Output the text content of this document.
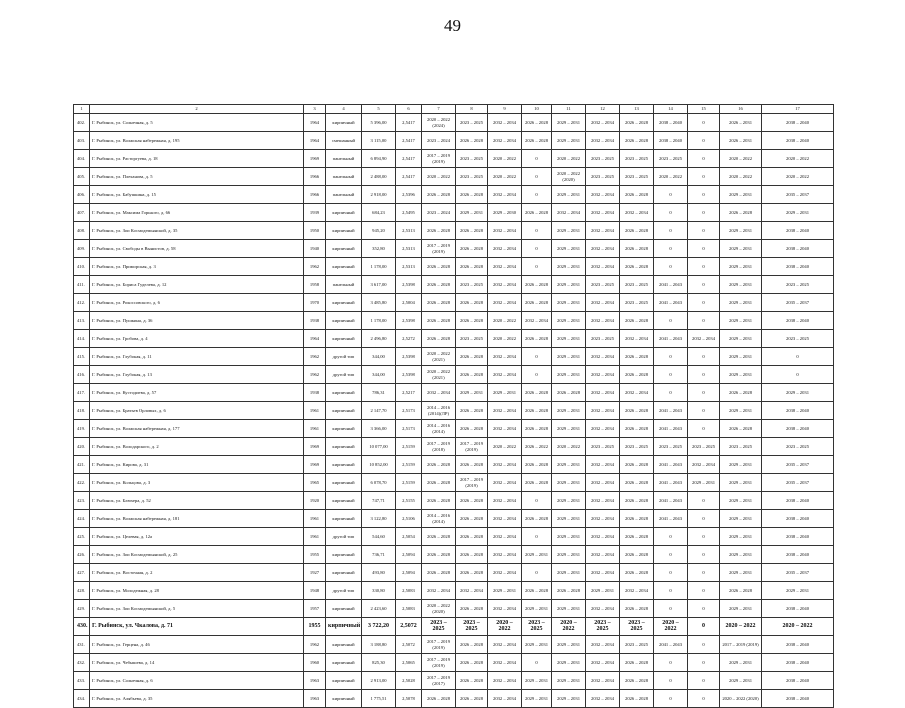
49
1	2	3	4	5	6	7	8	9	10	11	12	13	14	15	16	17
402.	Г. Рыбинск, ул. Солнечная, д. 5	1964	кирпичный	5 396,00	2,5417	2020 – 2022 (2024)	2023 – 2025	2032 – 2034	2026 – 2028	2029 – 2031	2032 – 2034	2026 – 2028	2038 – 2040	0	2026 – 2031	2038 – 2040
403.	Г. Рыбинск, ул. Волжская набережная, д. 195	1964	смешанный	3 115,00	2,5417	2023 – 2024	2026 – 2028	2032 – 2034	2026 – 2028	2029 – 2031	2032 – 2034	2026 – 2028	2038 – 2040	0	2026 – 2031	2038 – 2040
404.	Г. Рыбинск, ул. Расторгуева, д. 18	1969	панельный	6 894,90	2,5417	2017 – 2019 (2019)	2023 – 2025	2020 – 2022	0	2020 – 2022	2023 – 2025	2023 – 2025	2023 – 2025	0	2020 – 2022	2020 – 2022
405.	Г. Рыбинск, ул. Плеханова, д. 5	1966	панельный	2 488,00	2,5417	2020 – 2022	2023 – 2025	2020 – 2022	0	2020 – 2022 (2020)	2023 – 2025	2023 – 2025	2020 – 2022	0	2020 – 2022	2020 – 2022
406.	Г. Рыбинск, ул. Бабушкина, д. 15	1966	панельный	2 918,00	2,5396	2026 – 2028	2026 – 2028	2032 – 2034	0	2029 – 2031	2032 – 2034	2026 – 2028	0	0	2029 – 2031	2035 – 2037
407.	Г. Рыбинск, ул. Максима Горького, д. 66	1939	кирпичный	684,23	2,5495	2023 – 2024	2029 – 2031	2029 – 2030	2026 – 2028	2032 – 2034	2032 – 2034	2032 – 2034	0	0	2026 – 2028	2029 – 2031
408.	Г. Рыбинск, ул. Зои Космодемьянской, д. 35	1950	кирпичный	945,20	2,5313	2026 – 2028	2026 – 2028	2032 – 2034	0	2029 – 2031	2032 – 2034	2026 – 2028	0	0	2029 – 2031	2038 – 2040
409.	Г. Рыбинск, ул. Свободы в Вынистов, д. 58	1940	кирпичный	352,80	2,5313	2017 – 2019 (2019)	2026 – 2028	2032 – 2034	0	2029 – 2031	2032 – 2034	2026 – 2028	0	0	2029 – 2031	2038 – 2040
410.	Г. Рыбинск, ул. Приморская, д. 3	1962	кирпичный	1 178,00	2,5313	2026 – 2028	2026 – 2028	2032 – 2034	0	2029 – 2031	2032 – 2034	2026 – 2028	0	0	2029 – 2031	2038 – 2040
411.	Г. Рыбинск, ул. Бориса Гуделева, д. 12	1958	панельный	3 617,00	2,5398	2026 – 2028	2023 – 2025	2032 – 2034	2026 – 2028	2029 – 2031	2023 – 2025	2023 – 2025	2041 – 2043	0	2029 – 2031	2023 – 2025
412.	Г. Рыбинск, ул. Рокоссовского, д. 6	1970	кирпичный	3 485,80	2,5004	2026 – 2028	2026 – 2028	2032 – 2034	2026 – 2028	2029 – 2031	2032 – 2034	2023 – 2025	2041 – 2043	0	2029 – 2031	2035 – 2037
413.	Г. Рыбинск, ул. Пушкина, д. 36	1938	кирпичный	1 178,00	2,5398	2026 – 2028	2026 – 2028	2020 – 2022	2032 – 2034	2029 – 2031	2032 – 2034	2026 – 2028	0	0	2029 – 2031	2038 – 2040
414.	Г. Рыбинск, ул. Гробова, д. 4	1964	кирпичный	2 496,80	2,5272	2026 – 2028	2023 – 2025	2020 – 2022	2026 – 2028	2029 – 2031	2023 – 2025	2032 – 2034	2041 – 2043	2032 – 2034	2029 – 2031	2023 – 2025
415.	Г. Рыбинск, ул. Глубокая, д. 11	1962	другой тип	344,00	2,5398	2020 – 2022 (2021)	2026 – 2028	2032 – 2034	0	2029 – 2031	2032 – 2034	2026 – 2028	0	0	2029 – 2031	0
416.	Г. Рыбинск, ул. Глубокая, д. 13	1962	другой тип	344,00	2,5398	2020 – 2022 (2021)	2026 – 2028	2032 – 2034	0	2029 – 2031	2032 – 2034	2026 – 2028	0	0	2029 – 2031	0
417.	Г. Рыбинск, ул. Кустодиева, д. 57	1938	кирпичный	786,31	2,5217	2032 – 2034	2029 – 2031	2029 – 2031	2026 – 2028	2026 – 2028	2032 – 2034	2032 – 2034	0	0	2026 – 2028	2029 – 2031
418.	Г. Рыбинск, ул. Братьев Орловых, д. 6	1961	кирпичный	2 147,70	2,5173	2014 – 2016 (2014)(ЛР)	2026 – 2028	2032 – 2034	2026 – 2028	2029 – 2031	2032 – 2034	2026 – 2028	2041 – 2043	0	2029 – 2031	2038 – 2040
419.	Г. Рыбинск, ул. Волжская набережная, д. 177	1961	кирпичный	3 366,00	2,5173	2014 – 2016 (2014)	2026 – 2028	2032 – 2034	2026 – 2028	2029 – 2031	2032 – 2034	2026 – 2028	2041 – 2043	0	2026 – 2028	2038 – 2040
420.	Г. Рыбинск, ул. Володарского, д. 2	1969	кирпичный	10 077,00	2,5159	2017 – 2019 (2018)	2017 – 2019 (2019)	2020 – 2022	2026 – 2022	2020 – 2022	2023 – 2025	2023 – 2025	2023 – 2025	2023 – 2025	2023 – 2025	2023 – 2025
421.	Г. Рыбинск, ул. Кирова, д. 31	1969	кирпичный	10 852,00	2,5159	2026 – 2028	2026 – 2028	2032 – 2034	2026 – 2028	2029 – 2031	2032 – 2034	2026 – 2028	2041 – 2043	2032 – 2034	2029 – 2031	2035 – 2037
422.	Г. Рыбинск, ул. Кольцова, д. 3	1965	кирпичный	6 078,70	2,5159	2026 – 2028	2017 – 2019 (2019)	2032 – 2034	2026 – 2028	2029 – 2031	2032 – 2034	2026 – 2028	2041 – 2043	2029 – 2031	2029 – 2031	2035 – 2037
423.	Г. Рыбинск, ул. Блюхера, д. 52	1920	кирпичный	747,71	2,5155	2026 – 2028	2026 – 2028	2032 – 2034	0	2029 – 2031	2032 – 2034	2026 – 2028	2041 – 2043	0	2029 – 2031	2038 – 2040
424.	Г. Рыбинск, ул. Волжская набережная, д. 181	1961	кирпичный	3 122,80	2,5106	2014 – 2016 (2014)	2026 – 2028	2032 – 2034	2026 – 2028	2029 – 2031	2032 – 2034	2026 – 2028	2041 – 2043	0	2029 – 2031	2038 – 2040
425.	Г. Рыбинск, ул. Целевая, д. 12а	1961	другой тип	544,60	2,5054	2026 – 2028	2026 – 2028	2032 – 2034	0	2029 – 2031	2032 – 2034	2026 – 2028	0	0	2029 – 2031	2038 – 2040
426.	Г. Рыбинск, ул. Зои Космодемьянской, д. 25	1955	кирпичный	736,71	2,5094	2026 – 2028	2026 – 2028	2032 – 2034	2029 – 2031	2029 – 2031	2032 – 2034	2026 – 2028	0	0	2029 – 2031	2038 – 2040
427.	Г. Рыбинск, ул. Восточная, д. 2	1927	кирпичный	493,80	2,5094	2026 – 2028	2026 – 2028	2032 – 2034	0	2029 – 2031	2032 – 2034	2026 – 2028	0	0	2029 – 2031	2035 – 2037
428.	Г. Рыбинск, ул. Молодежная, д. 28	1948	другой тип	330,80	2,5083	2032 – 2034	2032 – 2034	2029 – 2031	2026 – 2028	2026 – 2028	2029 – 2031	2032 – 2034	0	0	2026 – 2028	2029 – 2031
429.	Г. Рыбинск, ул. Зои Космодемьянской, д. 5	1957	кирпичный	2 423,60	2,5083	2020 – 2022 (2020)	2026 – 2028	2032 – 2034	2029 – 2031	2029 – 2031	2032 – 2034	2026 – 2028	0	0	2029 – 2031	2038 – 2040
430.	Г. Рыбинск, ул. Чкалова, д. 71	1955	кирпичный	3 722,20	2,5072	2023 – 2025	2023 – 2025	2020 – 2022	2023 – 2025	2020 – 2022	2023 – 2025	2023 – 2025	2020 – 2022	0	2020 – 2022	2020 – 2022
431.	Г. Рыбинск, ул. Герцена, д. 46	1962	кирпичный	3 188,80	2,5072	2017 – 2019 (2019)	2026 – 2028	2032 – 2034	2029 – 2031	2029 – 2031	2032 – 2034	2023 – 2025	2041 – 2043	0	2017 – 2019 (2019)	2038 – 2040
432.	Г. Рыбинск, ул. Чебышева, д. 14	1960	кирпичный	825,30	2,5065	2017 – 2019 (2019)	2026 – 2028	2032 – 2034	0	2029 – 2031	2032 – 2034	2026 – 2028	0	0	2029 – 2031	2038 – 2040
433.	Г. Рыбинск, ул. Солнечная, д. 6	1963	кирпичный	2 913,00	2,5028	2017 – 2019 (2017)	2026 – 2028	2032 – 2034	2029 – 2031	2029 – 2031	2032 – 2034	2026 – 2028	0	0	2029 – 2031	2038 – 2040
434.	Г. Рыбинск, ул. Алябьева, д. 35	1963	кирпичный	1 775,51	2,5078	2026 – 2028	2026 – 2028	2032 – 2034	2029 – 2031	2029 – 2031	2032 – 2034	2026 – 2028	0	0	2020 – 2022 (2020)	2038 – 2040
